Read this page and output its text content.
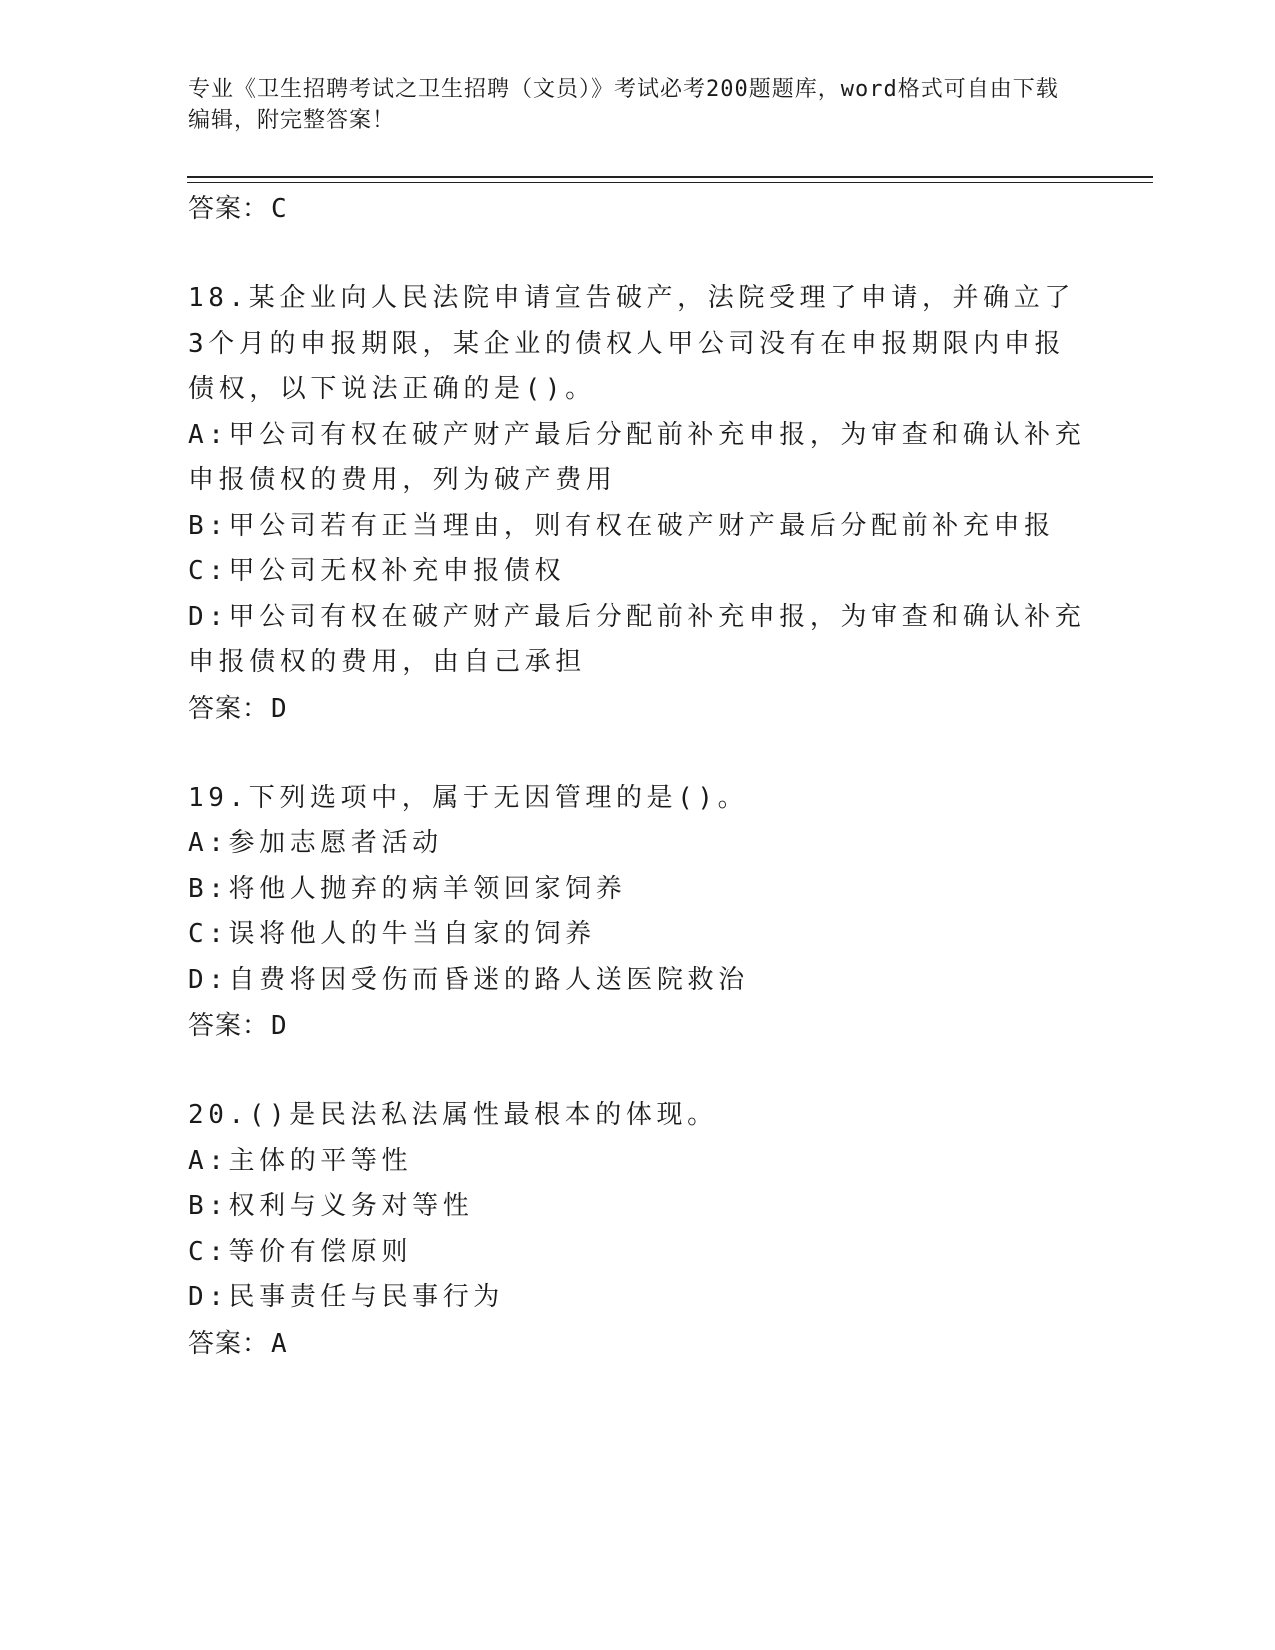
专业《卫生招聘考试之卫生招聘（文员）》考试必考200题题库，word格式可自由下载编辑，附完整答案！
答案：C
18.某企业向人民法院申请宣告破产，法院受理了申请，并确立了3个月的申报期限，某企业的债权人甲公司没有在申报期限内申报债权，以下说法正确的是()。
A:甲公司有权在破产财产最后分配前补充申报，为审查和确认补充申报债权的费用，列为破产费用
B:甲公司若有正当理由，则有权在破产财产最后分配前补充申报
C:甲公司无权补充申报债权
D:甲公司有权在破产财产最后分配前补充申报，为审查和确认补充申报债权的费用，由自己承担
答案：D
19.下列选项中，属于无因管理的是()。
A:参加志愿者活动
B:将他人抛弃的病羊领回家饲养
C:误将他人的牛当自家的饲养
D:自费将因受伤而昏迷的路人送医院救治
答案：D
20.()是民法私法属性最根本的体现。
A:主体的平等性
B:权利与义务对等性
C:等价有偿原则
D:民事责任与民事行为
答案：A
